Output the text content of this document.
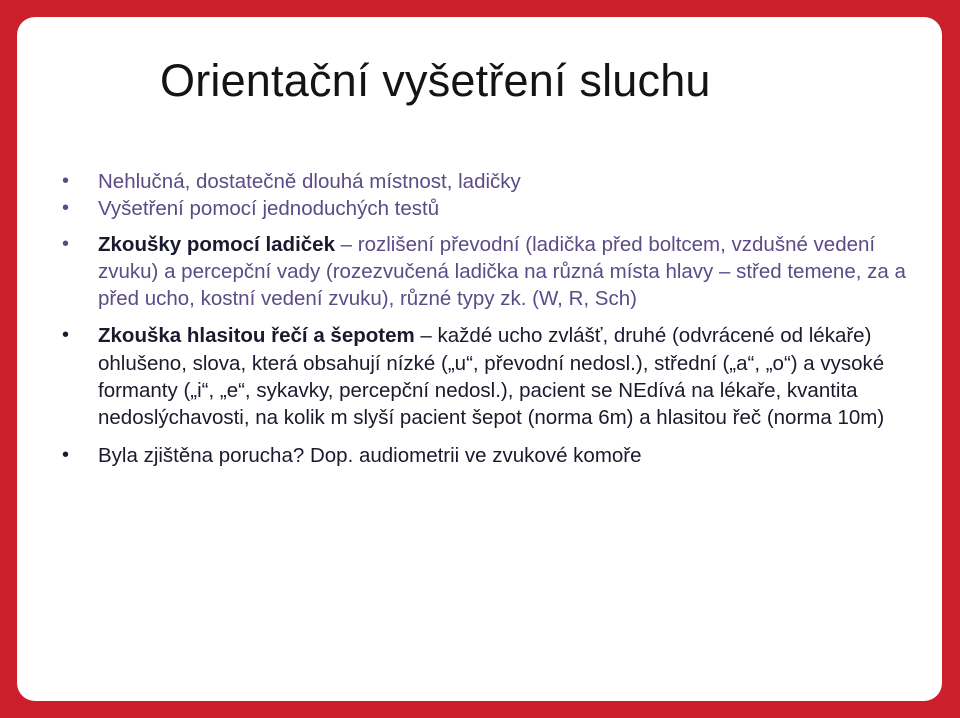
Orientační vyšetření sluchu
• Nehlučná, dostatečně dlouhá místnost, ladičky
• Vyšetření pomocí jednoduchých testů
• Zkoušky pomocí ladiček – rozlišení převodní (ladička před boltcem, vzdušné vedení zvuku) a percepční vady (rozezvučená ladička na různá místa hlavy – střed temene, za a před ucho, kostní vedení zvuku), různé typy zk. (W, R, Sch)
• Zkouška hlasitou řečí a šepotem – každé ucho zvlášť, druhé (odvrácené od lékaře) ohlušeno, slova, která obsahují nízké („u“, převodní nedosl.), střední („a“, „o“) a vysoké formanty („i“, „e“, sykavky, percepční nedosl.), pacient se NEdívá na lékaře, kvantita nedoslýchavosti, na kolik m slyší pacient šepot (norma 6m) a hlasitou řeč (norma 10m)
• Byla zjištěna porucha? Dop. audiometrii ve zvukové komoře
